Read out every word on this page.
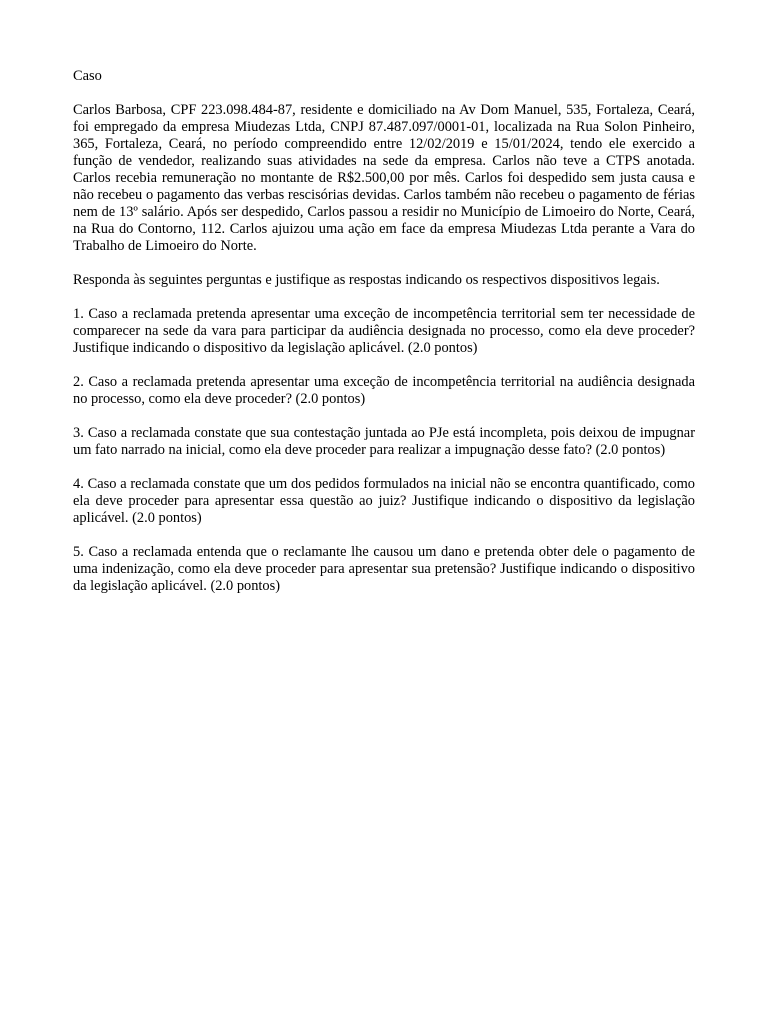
Caso

Carlos Barbosa, CPF 223.098.484-87, residente e domiciliado na Av Dom Manuel, 535, Fortaleza, Ceará, foi empregado da empresa Miudezas Ltda, CNPJ 87.487.097/0001-01, localizada na Rua Solon Pinheiro, 365, Fortaleza, Ceará, no período compreendido entre 12/02/2019 e 15/01/2024, tendo ele exercido a função de vendedor, realizando suas atividades na sede da empresa. Carlos não teve a CTPS anotada. Carlos recebia remuneração no montante de R$2.500,00 por mês. Carlos foi despedido sem justa causa e não recebeu o pagamento das verbas rescisórias devidas. Carlos também não recebeu o pagamento de férias nem de 13º salário. Após ser despedido, Carlos passou a residir no Município de Limoeiro do Norte, Ceará, na Rua do Contorno, 112. Carlos ajuizou uma ação em face da empresa Miudezas Ltda perante a Vara do Trabalho de Limoeiro do Norte.

Responda às seguintes perguntas e justifique as respostas indicando os respectivos dispositivos legais.

1. Caso a reclamada pretenda apresentar uma exceção de incompetência territorial sem ter necessidade de comparecer na sede da vara para participar da audiência designada no processo, como ela deve proceder? Justifique indicando o dispositivo da legislação aplicável. (2.0 pontos)

2. Caso a reclamada pretenda apresentar uma exceção de incompetência territorial na audiência designada no processo, como ela deve proceder? (2.0 pontos)

3. Caso a reclamada constate que sua contestação juntada ao PJe está incompleta, pois deixou de impugnar um fato narrado na inicial, como ela deve proceder para realizar a impugnação desse fato? (2.0 pontos)

4. Caso a reclamada constate que um dos pedidos formulados na inicial não se encontra quantificado, como ela deve proceder para apresentar essa questão ao juiz? Justifique indicando o dispositivo da legislação aplicável. (2.0 pontos)

5. Caso a reclamada entenda que o reclamante lhe causou um dano e pretenda obter dele o pagamento de uma indenização, como ela deve proceder para apresentar sua pretensão? Justifique indicando o dispositivo da legislação aplicável. (2.0 pontos)
